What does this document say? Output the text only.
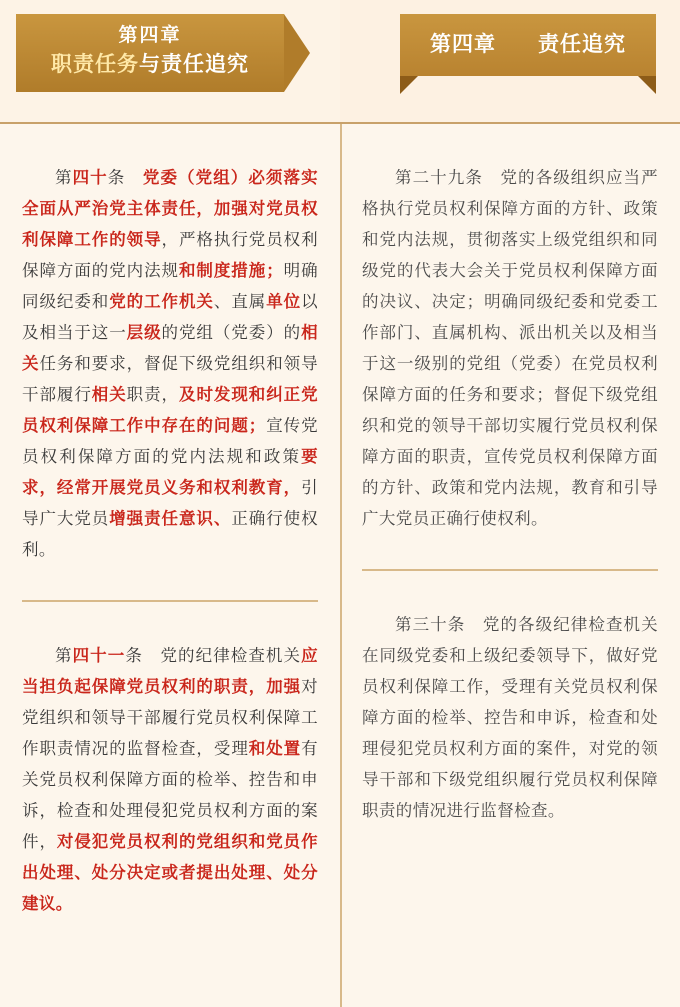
第四章
职责任务与责任追究
第四章 责任追究

第四十条　 党委（党组）必须落实全面从严治党主体责任，加强对党员权利保障工作的领导，严格执行党员权利保障方面的党内法规和制度措施；明确同级纪委和党的工作机关、直属单位以及相当于这一层级的党组（党委）的相关任务和要求，督促下级党组织和领导干部履行相关职责，及时发现和纠正党员权利保障工作中存在的问题；宣传党员权利保障方面的党内法规和政策要求，经常开展党员义务和权利教育，引导广大党员增强责任意识、正确行使权利。

第四十一条　 党的纪律检查机关应当担负起保障党员权利的职责，加强对党组织和领导干部履行党员权利保障工作职责情况的监督检查，受理和处置有关党员权利保障方面的检举、控告和申诉，检查和处理侵犯党员权利方面的案件，对侵犯党员权利的党组织和党员作出处理、处分决定或者提出处理、处分建议。

第二十九条　党的各级组织应当严格执行党员权利保障方面的方针、政策和党内法规，贯彻落实上级党组织和同级党的代表大会关于党员权利保障方面的决议、决定；明确同级纪委和党委工作部门、直属机构、派出机关以及相当于这一级别的党组（党委）在党员权利保障方面的任务和要求；督促下级党组织和党的领导干部切实履行党员权利保障方面的职责，宣传党员权利保障方面的方针、政策和党内法规，教育和引导广大党员正确行使权利。

第三十条　党的各级纪律检查机关在同级党委和上级纪委领导下，做好党员权利保障工作，受理有关党员权利保障方面的检举、控告和申诉，检查和处理侵犯党员权利方面的案件，对党的领导干部和下级党组织履行党员权利保障职责的情况进行监督检查。
